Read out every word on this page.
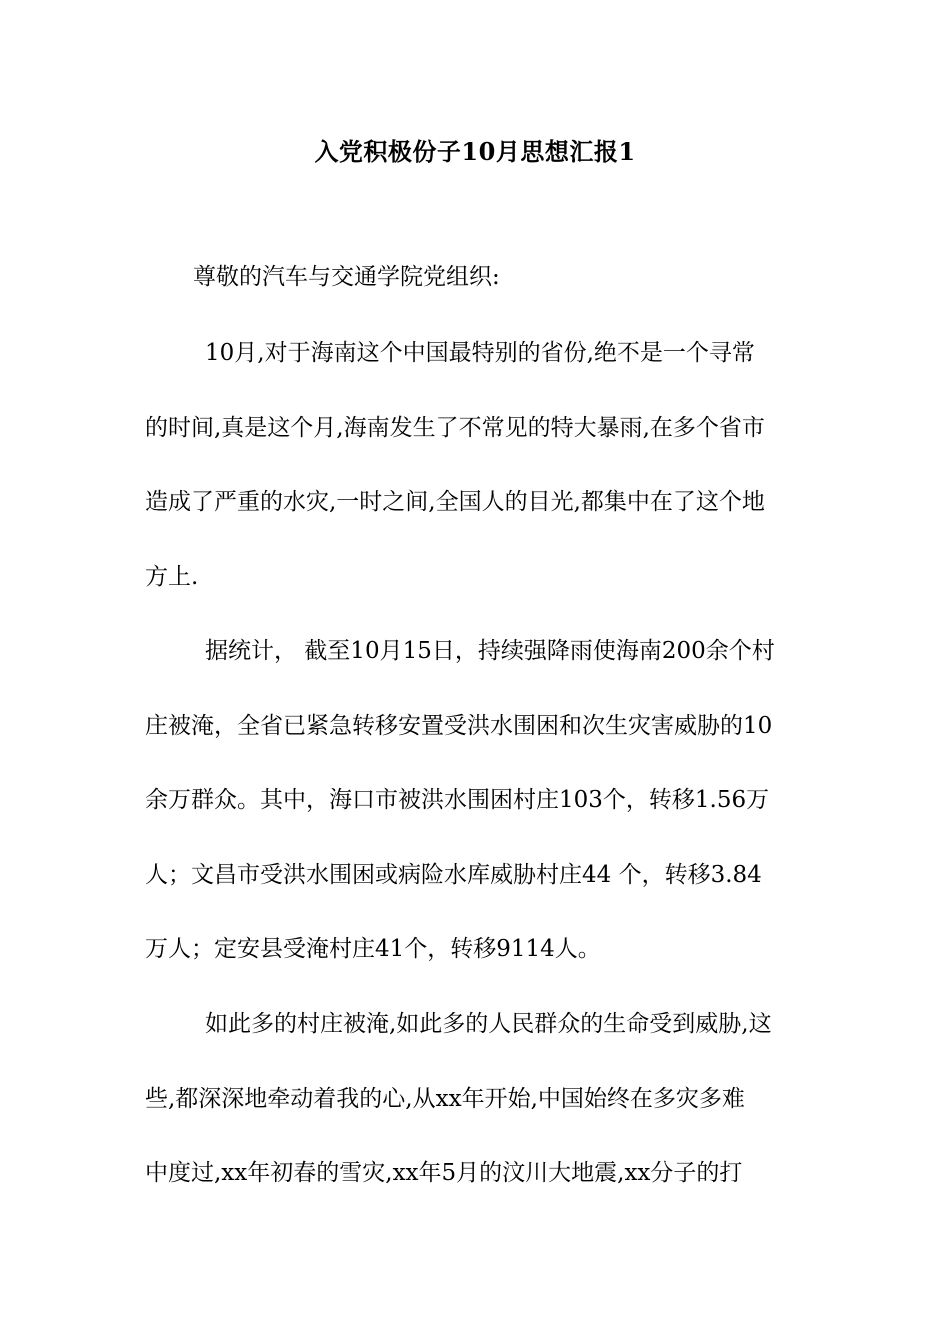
入党积极份子10月思想汇报1
尊敬的汽车与交通学院党组织:
10月,对于海南这个中国最特别的省份,绝不是一个寻常
的时间,真是这个月,海南发生了不常见的特大暴雨,在多个省市
造成了严重的水灾,一时之间,全国人的目光,都集中在了这个地
方上.
据统计， 截至10月15日，持续强降雨使海南200余个村
庄被淹，全省已紧急转移安置受洪水围困和次生灾害威胁的10
余万群众。其中，海口市被洪水围困村庄103个，转移1.56万
人；文昌市受洪水围困或病险水库威胁村庄44 个，转移3.84
万人；定安县受淹村庄41个，转移9114人。
如此多的村庄被淹,如此多的人民群众的生命受到威胁,这
些,都深深地牵动着我的心,从xx年开始,中国始终在多灾多难
中度过,xx年初春的雪灾,xx年5月的汶川大地震,xx分子的打
